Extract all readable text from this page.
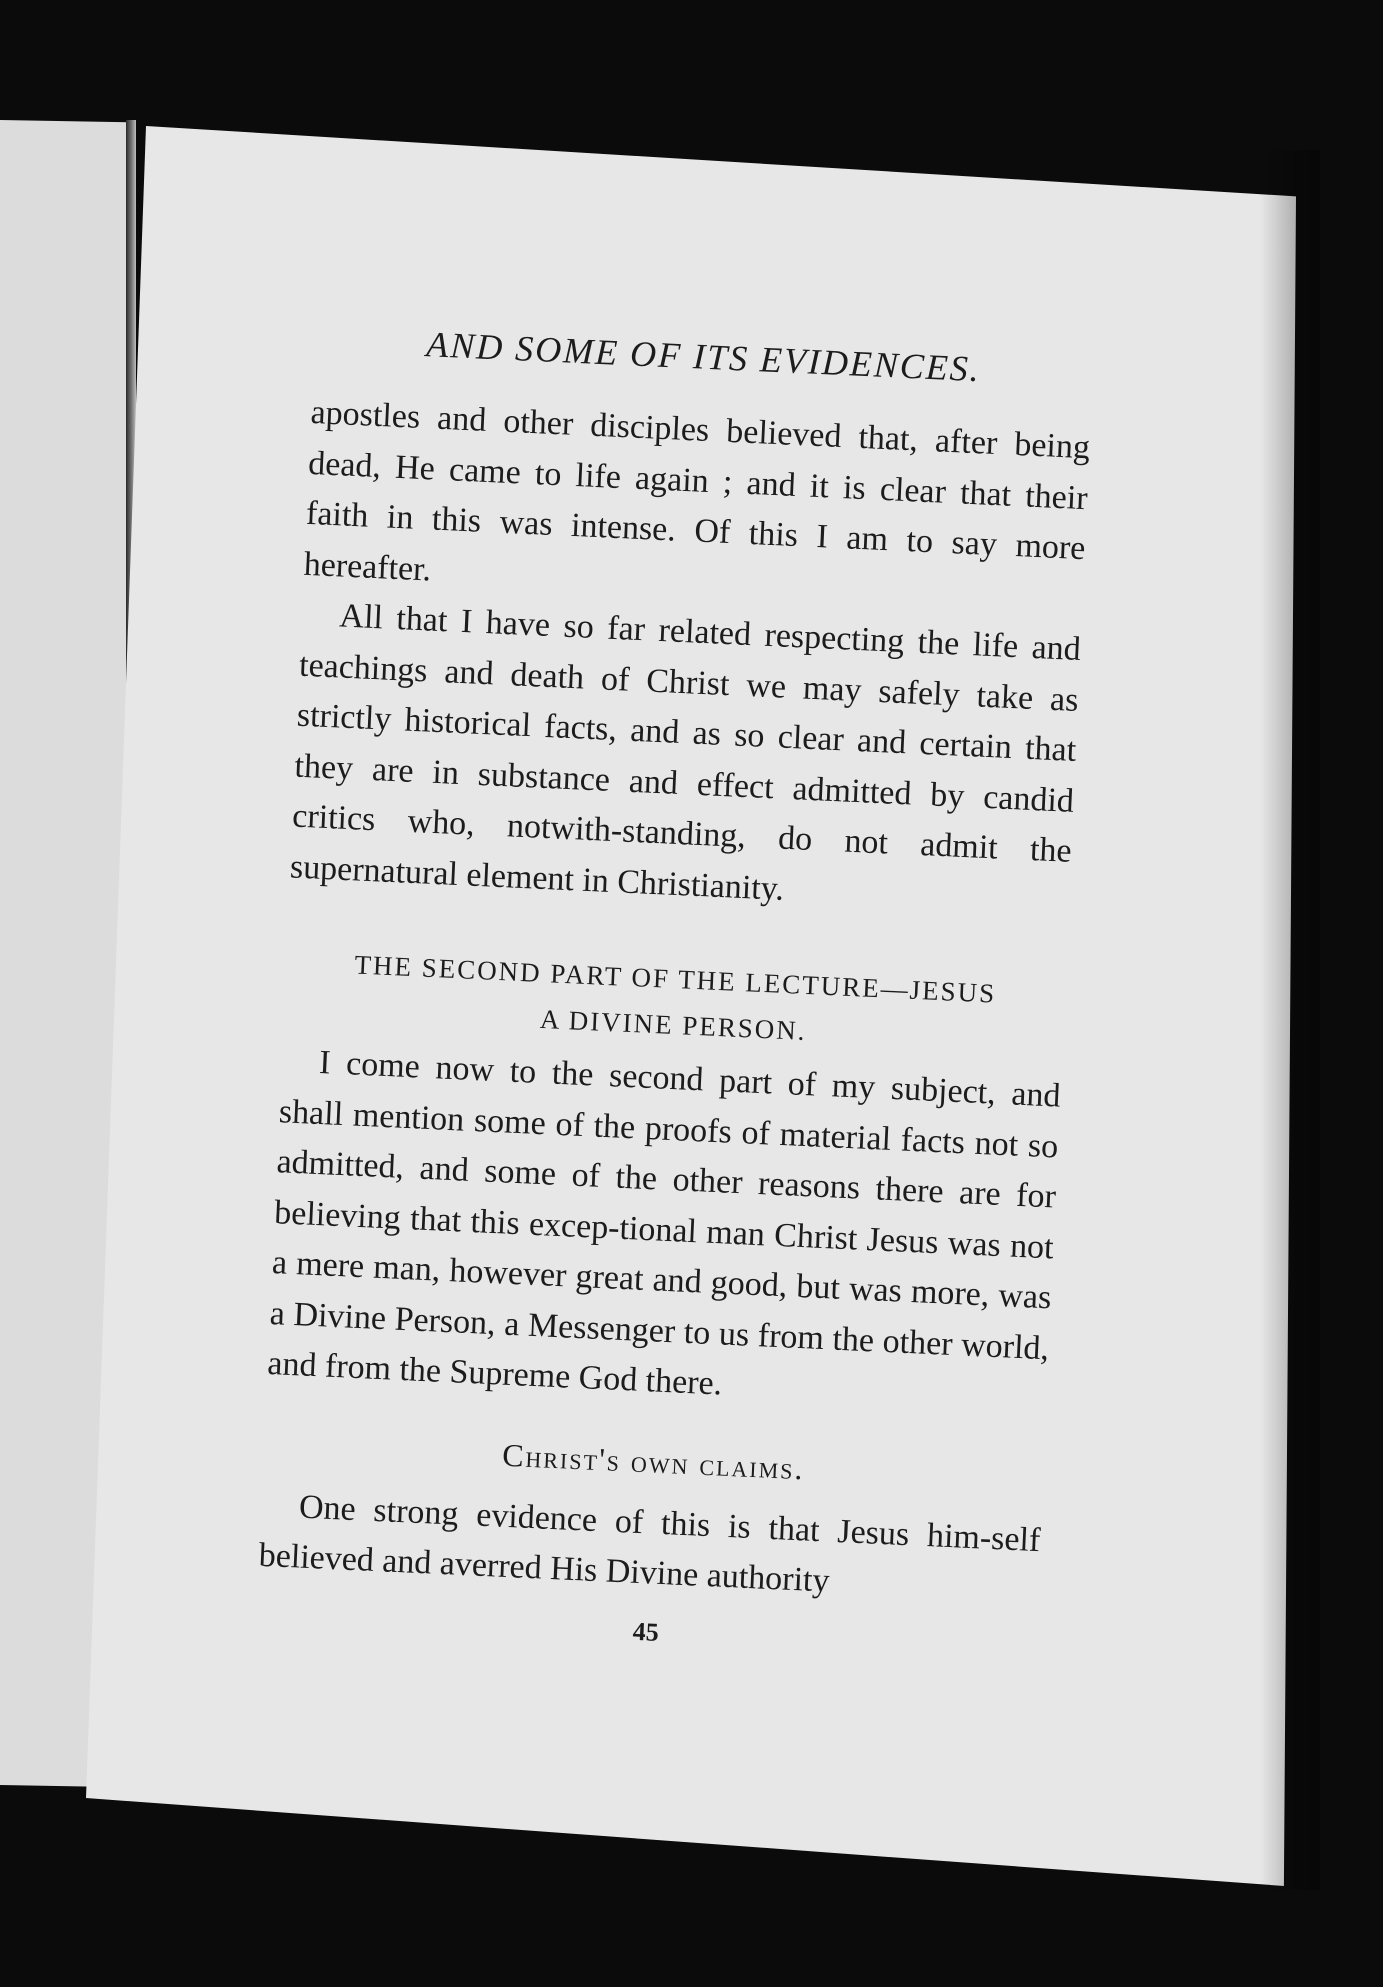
AND SOME OF ITS EVIDENCES.

apostles and other disciples believed that, after being dead, He came to life again ; and it is clear that their faith in this was intense. Of this I am to say more hereafter.

All that I have so far related respecting the life and teachings and death of Christ we may safely take as strictly historical facts, and as so clear and certain that they are in substance and effect admitted by candid critics who, notwith-standing, do not admit the supernatural element in Christianity.

THE SECOND PART OF THE LECTURE—JESUS
A DIVINE PERSON.

I come now to the second part of my subject, and shall mention some of the proofs of material facts not so admitted, and some of the other reasons there are for believing that this excep-tional man Christ Jesus was not a mere man, however great and good, but was more, was a Divine Person, a Messenger to us from the other world, and from the Supreme God there.

Christ's own claims.

One strong evidence of this is that Jesus him-self believed and averred His Divine authority

45
